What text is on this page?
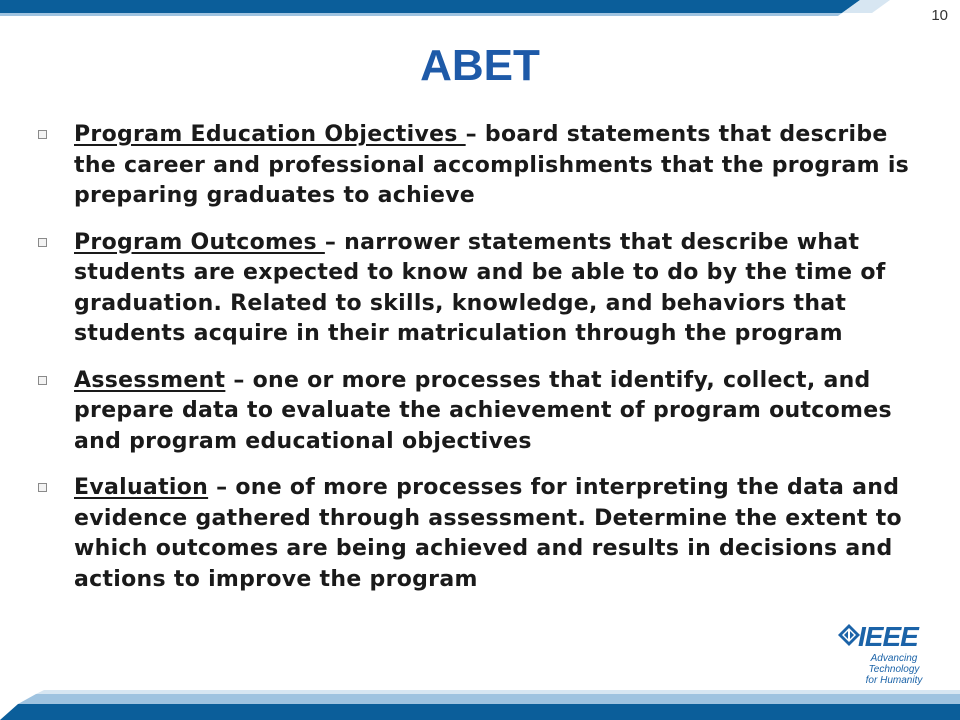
10
ABET
Program Education Objectives – board statements that describe the career and professional accomplishments that the program is preparing graduates to achieve
Program Outcomes – narrower statements that describe what students are expected to know and be able to do by the time of graduation. Related to skills, knowledge, and behaviors that students acquire in their matriculation through the program
Assessment – one or more processes that identify, collect, and prepare data to evaluate the achievement of program outcomes and program educational objectives
Evaluation – one of more processes for interpreting the data and evidence gathered through assessment. Determine the extent to which outcomes are being achieved and results in decisions and actions to improve the program
IEEE
Advancing Technology
for Humanity
